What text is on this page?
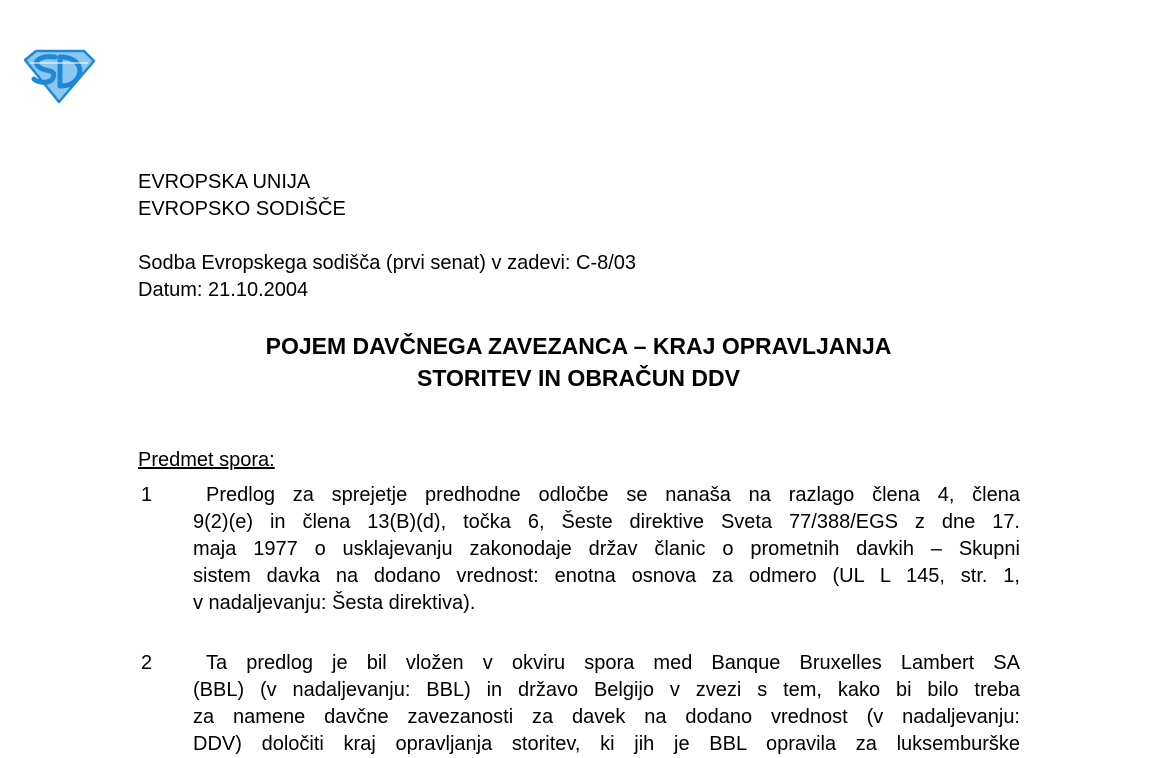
EVROPSKA UNIJA
EVROPSKO SODIŠČE
Sodba Evropskega sodišča (prvi senat) v zadevi: C-8/03
Datum: 21.10.2004
POJEM DAVČNEGA ZAVEZANCA – KRAJ OPRAVLJANJA
STORITEV IN OBRAČUN DDV
Predmet spora:
1	Predlog za sprejetje predhodne odločbe se nanaša na razlago člena 4, člena
9(2)(e) in člena 13(B)(d), točka 6, Šeste direktive Sveta 77/388/EGS z dne 17.
maja 1977 o usklajevanju zakonodaje držav članic o prometnih davkih – Skupni
sistem davka na dodano vrednost: enotna osnova za odmero (UL L 145, str. 1,
v nadaljevanju: Šesta direktiva).
2	Ta predlog je bil vložen v okviru spora med Banque Bruxelles Lambert SA
(BBL) (v nadaljevanju: BBL) in državo Belgijo v zvezi s tem, kako bi bilo treba
za namene davčne zavezanosti za davek na dodano vrednost (v nadaljevanju:
DDV) določiti kraj opravljanja storitev, ki jih je BBL opravila za luksemburške
